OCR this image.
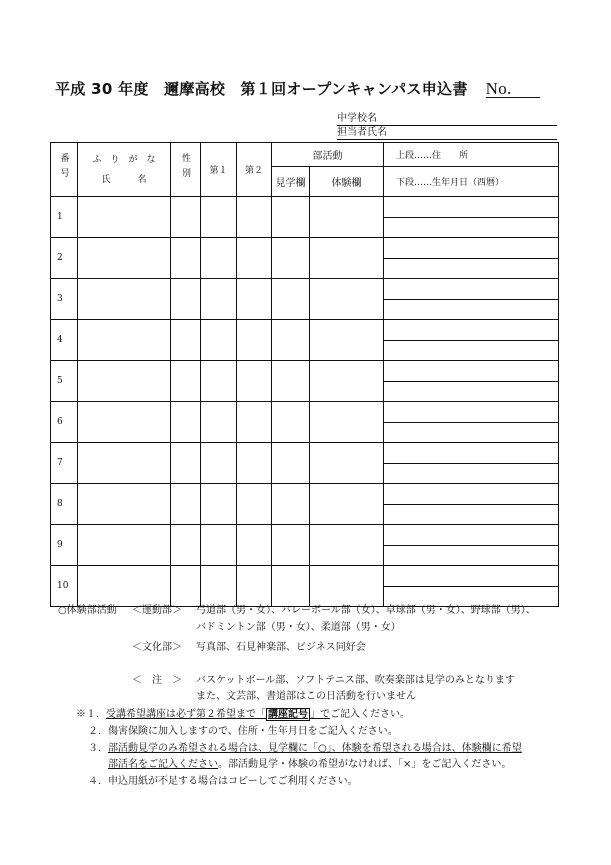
平成 30 年度　邇摩高校　第１回オープンキャンパス申込書 No.
中学校名
担当者氏名
番号	ふ　り　が　な
氏　　　名	性別	第１	第２	部活動		上段……住　　所
					見学欄	体験欄	下段……生年月日（西暦）
1							

2							

3							

4							

5							

6							

7							

8							

9							

10							
○体験部活動 ＜運動部＞ 弓道部（男・女）、バレーボール部（女）、卓球部（男・女）、野球部（男）、
バドミントン部（男・女）、柔道部（男・女）
＜文化部＞ 写真部、石見神楽部、ビジネス同好会
＜　注　＞ バスケットボール部、ソフトテニス部、吹奏楽部は見学のみとなります
また、文芸部、書道部はこの日活動を行いません
※１．受講希望講座は必ず第２希望まで「 講座記号 」でご記入ください。
２．傷害保険に加入しますので、住所・生年月日をご記入ください。
３．部活動見学のみ希望される場合は、見学欄に「○」、体験を希望される場合は、体験欄に希望
部活名をご記入ください。部活動見学・体験の希望がなければ、「×」をご記入ください。
４．申込用紙が不足する場合はコピーしてご利用ください。
